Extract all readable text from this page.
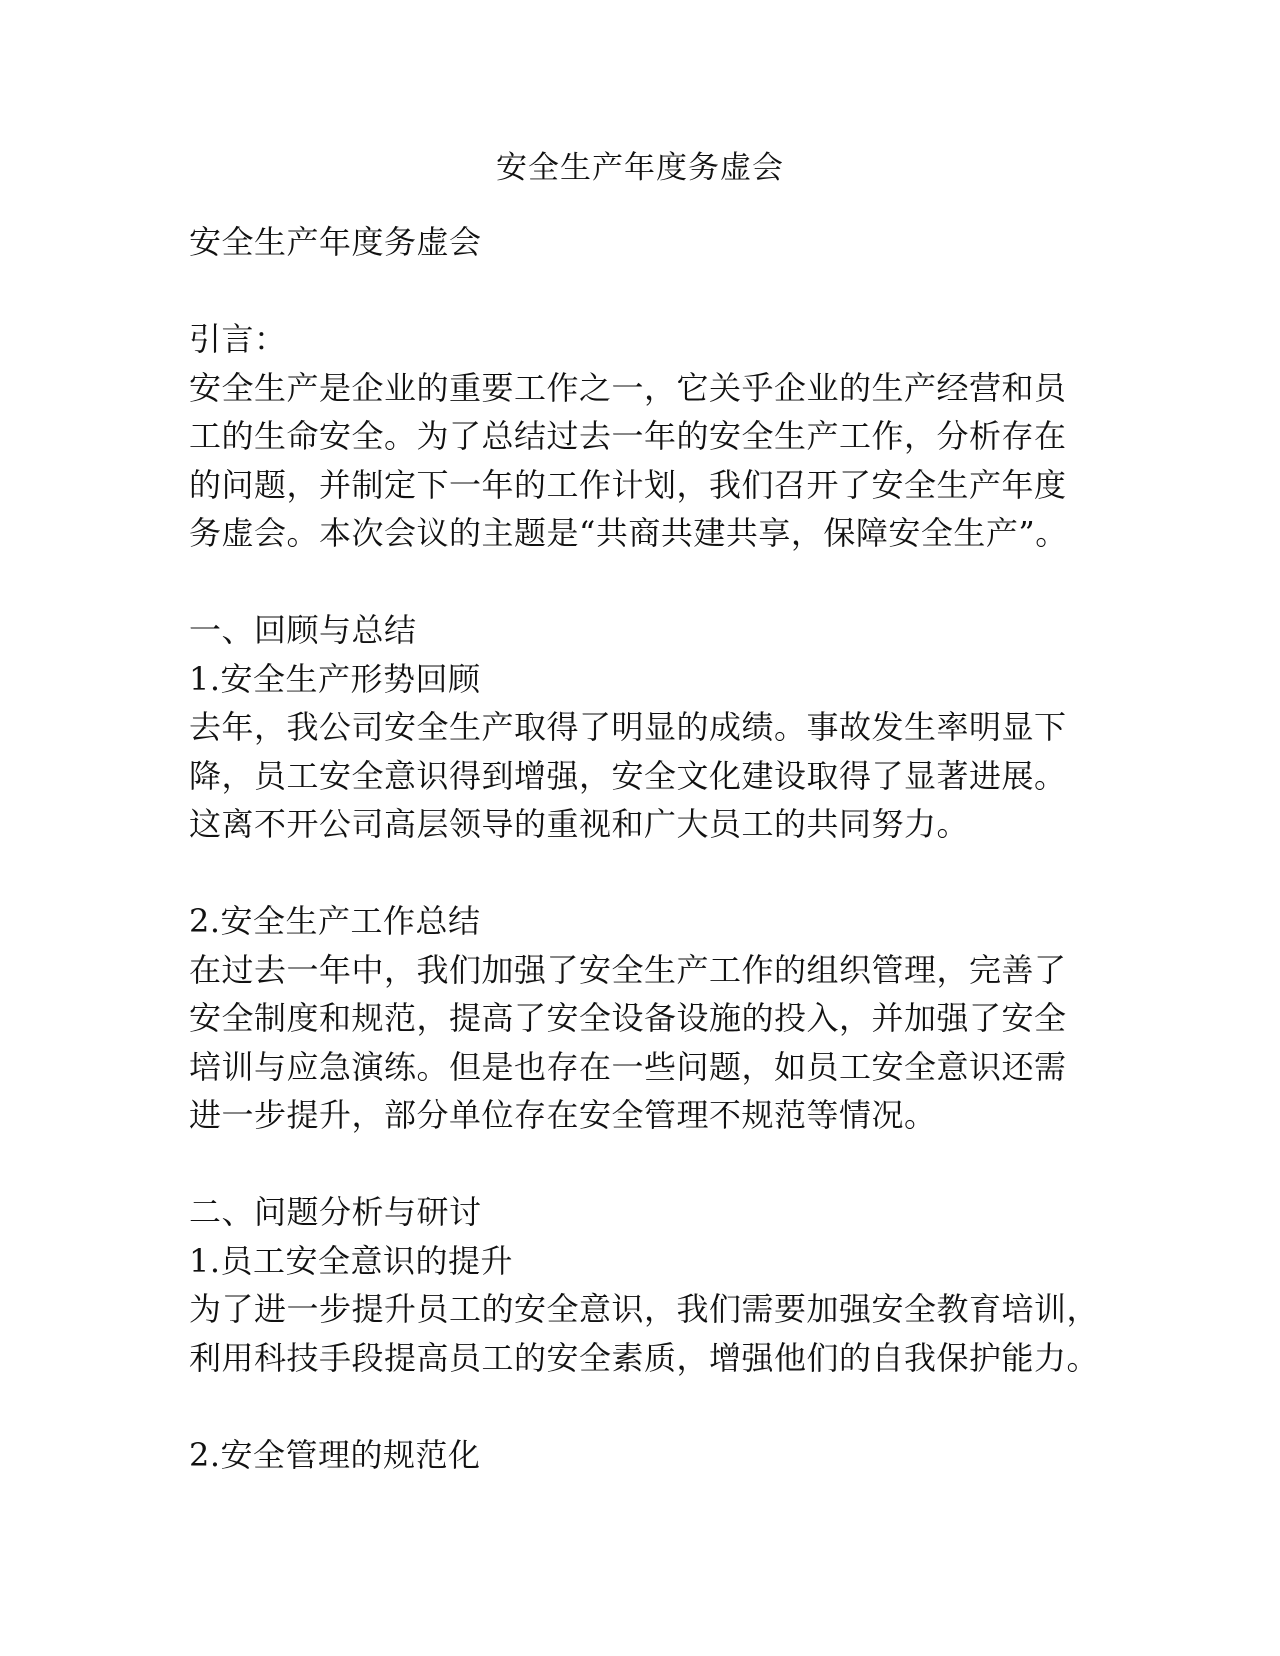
安全生产年度务虚会
安全生产年度务虚会
引言：
安全生产是企业的重要工作之一，它关乎企业的生产经营和员
工的生命安全。为了总结过去一年的安全生产工作，分析存在
的问题，并制定下一年的工作计划，我们召开了安全生产年度
务虚会。本次会议的主题是“共商共建共享，保障安全生产”。
一、回顾与总结
1.安全生产形势回顾
去年，我公司安全生产取得了明显的成绩。事故发生率明显下
降，员工安全意识得到增强，安全文化建设取得了显著进展。
这离不开公司高层领导的重视和广大员工的共同努力。
2.安全生产工作总结
在过去一年中，我们加强了安全生产工作的组织管理，完善了
安全制度和规范，提高了安全设备设施的投入，并加强了安全
培训与应急演练。但是也存在一些问题，如员工安全意识还需
进一步提升，部分单位存在安全管理不规范等情况。
二、问题分析与研讨
1.员工安全意识的提升
为了进一步提升员工的安全意识，我们需要加强安全教育培训，
利用科技手段提高员工的安全素质，增强他们的自我保护能力。
2.安全管理的规范化
